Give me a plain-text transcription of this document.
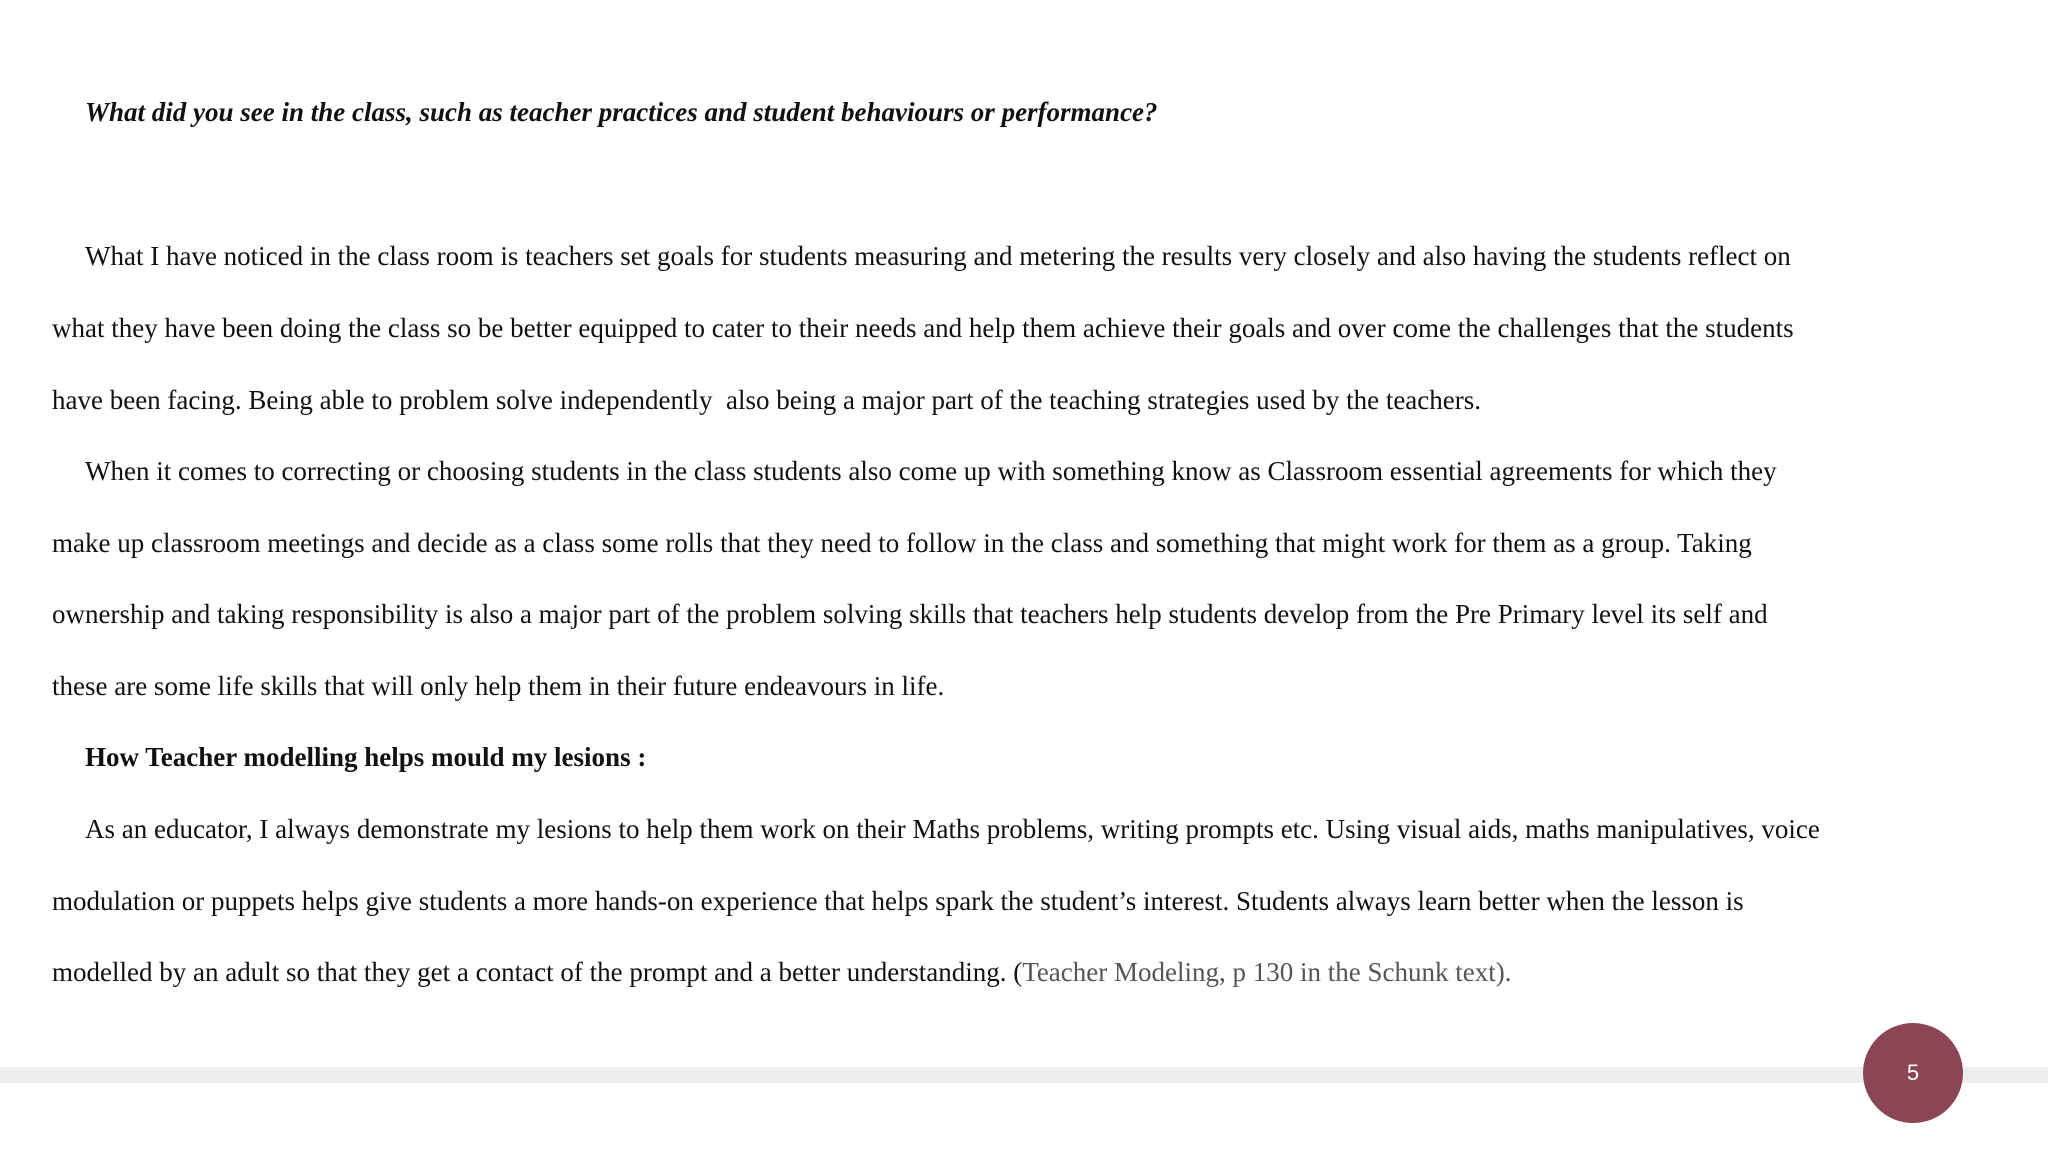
What did you see in the class, such as teacher practices and student behaviours or performance?
What I have noticed in the class room is teachers set goals for students measuring and metering the results very closely and also having the students reflect on
what they have been doing the class so be better equipped to cater to their needs and help them achieve their goals and over come the challenges that the students
have been facing. Being able to problem solve independently  also being a major part of the teaching strategies used by the teachers.
When it comes to correcting or choosing students in the class students also come up with something know as Classroom essential agreements for which they
make up classroom meetings and decide as a class some rolls that they need to follow in the class and something that might work for them as a group. Taking
ownership and taking responsibility is also a major part of the problem solving skills that teachers help students develop from the Pre Primary level its self and
these are some life skills that will only help them in their future endeavours in life.
How Teacher modelling helps mould my lesions :
As an educator, I always demonstrate my lesions to help them work on their Maths problems, writing prompts etc. Using visual aids, maths manipulatives, voice
modulation or puppets helps give students a more hands-on experience that helps spark the student’s interest. Students always learn better when the lesson is
modelled by an adult so that they get a contact of the prompt and a better understanding. (Teacher Modeling, p 130 in the Schunk text).
5
